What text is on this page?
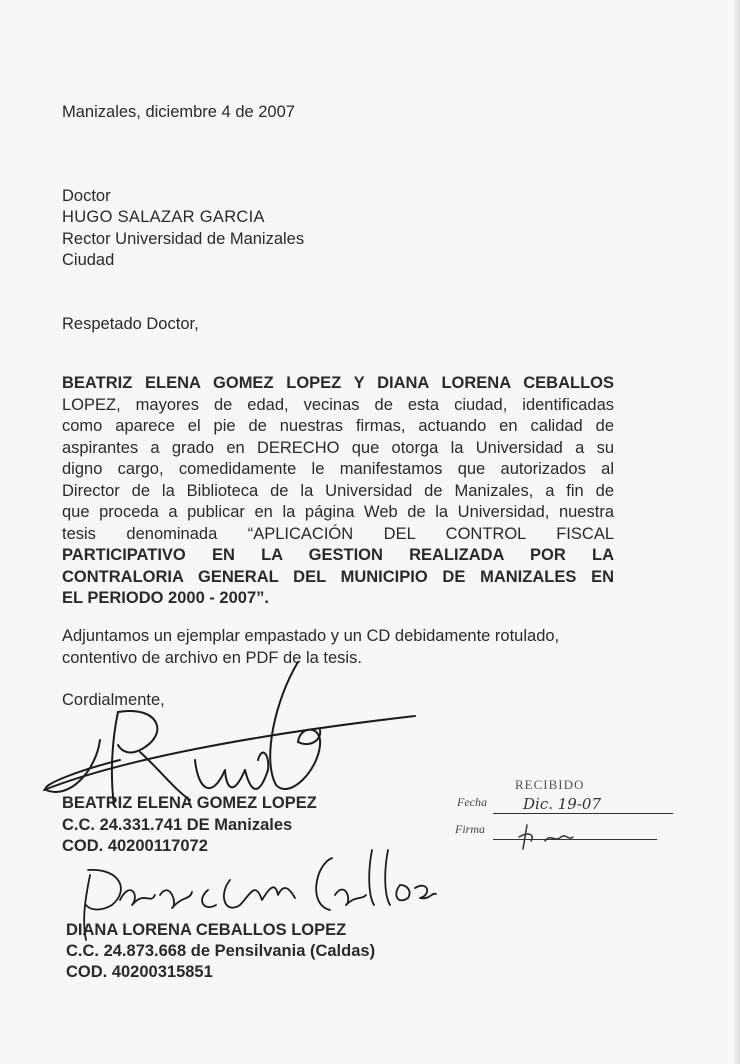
Manizales, diciembre 4 de 2007
Doctor
HUGO SALAZAR GARCIA
Rector Universidad de Manizales
Ciudad
Respetado Doctor,
BEATRIZ ELENA GOMEZ LOPEZ Y DIANA LORENA CEBALLOS
LOPEZ, mayores de edad, vecinas de esta ciudad, identificadas
como aparece el pie de nuestras firmas, actuando en calidad de
aspirantes a grado en DERECHO que otorga la Universidad a su
digno cargo, comedidamente le manifestamos que autorizados al
Director de la Biblioteca de la Universidad de Manizales, a fin de
que proceda a publicar en la página Web de la Universidad, nuestra
tesis denominada “APLICACIÓN DEL CONTROL FISCAL
PARTICIPATIVO EN LA GESTION REALIZADA POR LA
CONTRALORIA GENERAL DEL MUNICIPIO DE MANIZALES EN
EL PERIODO 2000 - 2007”.
Adjuntamos un ejemplar empastado y un CD debidamente rotulado,
contentivo de archivo en PDF de la tesis.
Cordialmente,
BEATRIZ ELENA GOMEZ LOPEZ
C.C. 24.331.741 DE Manizales
COD. 40200117072
DIANA LORENA CEBALLOS LOPEZ
C.C. 24.873.668 de Pensilvania (Caldas)
COD. 40200315851
RECIBIDO
Fecha Dic. 19-07
Firma
